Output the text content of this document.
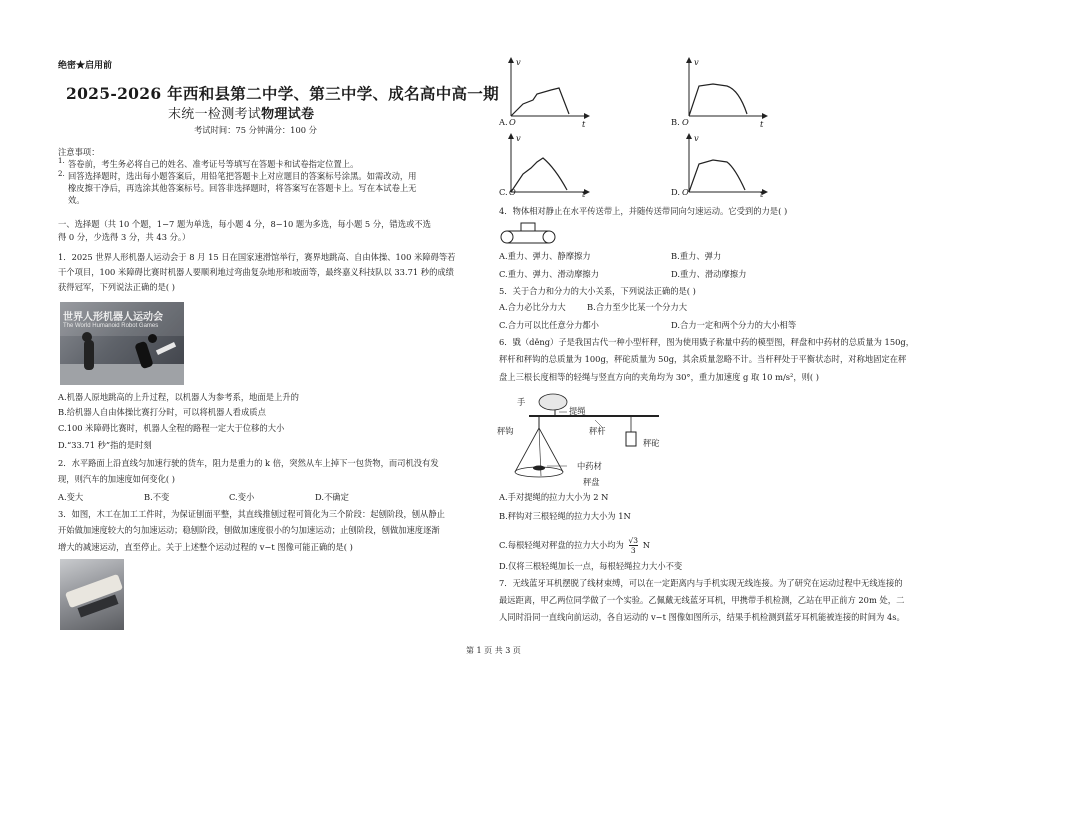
绝密★启用前
2025-2026 年西和县第二中学、第三中学、成名高中高一期
末统一检测考试物理试卷
考试时间：75 分钟满分：100 分
注意事项：
1. 答卷前，考生务必将自己的姓名、准考证号等填写在答题卡和试卷指定位置上。
2. 回答选择题时，选出每小题答案后，用铅笔把答题卡上对应题目的答案标号涂黑。如需改动，用
橡皮擦干净后，再选涂其他答案标号。回答非选择题时，将答案写在答题卡上。写在本试卷上无
效。
一、选择题（共 10 个题，1−7 题为单选，每小题 4 分，8−10 题为多选，每小题 5 分，错选或不选
得 0 分，少选得 3 分，共 43 分。）
1．2025 世界人形机器人运动会于 8 月 15 日在国家速滑馆举行，赛界地跳高、自由体操、100 米障碍等若
干个项目，100 米障碍比赛时机器人要顺利地过弯曲复杂地形和坡面等，最终嘉义科技队以 33.71 秒的成绩
获得冠军，下列说法正确的是( )
世界人形机器人运动会
The World Humanoid Robot Games
A.机器人原地跳高的上升过程，以机器人为参考系，地面是上升的
B.给机器人自由体操比赛打分时，可以将机器人看成质点
C.100 米障碍比赛时，机器人全程的路程一定大于位移的大小
D.“33.71 秒”指的是时刻
2．水平路面上沿直线匀加速行驶的货车，阻力是重力的 k 倍，突然从车上掉下一包货物，而司机没有发
现，则汽车的加速度如何变化( )
A.变大	B.不变	C.变小	D.不确定
3．如图，木工在加工工件时，为保证刨面平整，其直线推刨过程可简化为三个阶段：起刨阶段，刨从静止
开始做加速度较大的匀加速运动；稳刨阶段，刨做加速度很小的匀加速运动；止刨阶段，刨做加速度逐渐
增大的减速运动，直至停止。关于上述整个运动过程的 v−t 图像可能正确的是( )
v
A. O	t
v
B. O	t
v
C. O	t
v
D. O	t
4．物体相对静止在水平传送带上，并随传送带同向匀速运动。它受到的力是( )
A.重力、弹力、静摩擦力	B.重力、弹力
C.重力、弹力、滑动摩擦力	D.重力、滑动摩擦力
5．关于合力和分力的大小关系，下列说法正确的是( )
A.合力必比分力大	B.合力至少比某一个分力大
C.合力可以比任意分力都小	D.合力一定和两个分力的大小相等
6．戥（děng）子是我国古代一种小型杆秤，图为使用戥子称量中药的模型图，秤盘和中药材的总质量为 150g，
秤杆和秤钩的总质量为 100g，秤砣质量为 50g，其余质量忽略不计。当杆秤处于平衡状态时，对称地固定在秤
盘上三根长度相等的轻绳与竖直方向的夹角均为 30°，重力加速度 g 取 10 m/s²，则( )
手
提绳
秤钩	秤杆
秤砣
中药材
秤盘
A.手对提绳的拉力大小为 2 N
B.秤钩对三根轻绳的拉力大小为 1N
C.每根轻绳对秤盘的拉力大小均为 $\frac{√3}{3}$ N
D.仅将三根轻绳加长一点，每根轻绳拉力大小不变
7．无线蓝牙耳机摆脱了线材束缚，可以在一定距离内与手机实现无线连接。为了研究在运动过程中无线连接的
最远距离，甲乙两位同学做了一个实验。乙佩戴无线蓝牙耳机，甲携带手机检测，乙站在甲正前方 20m 处，二
人同时沿同一直线向前运动，各自运动的 v−t 图像如图所示，结果手机检测到蓝牙耳机能被连接的时间为 4s。
第 1 页 共 3 页
